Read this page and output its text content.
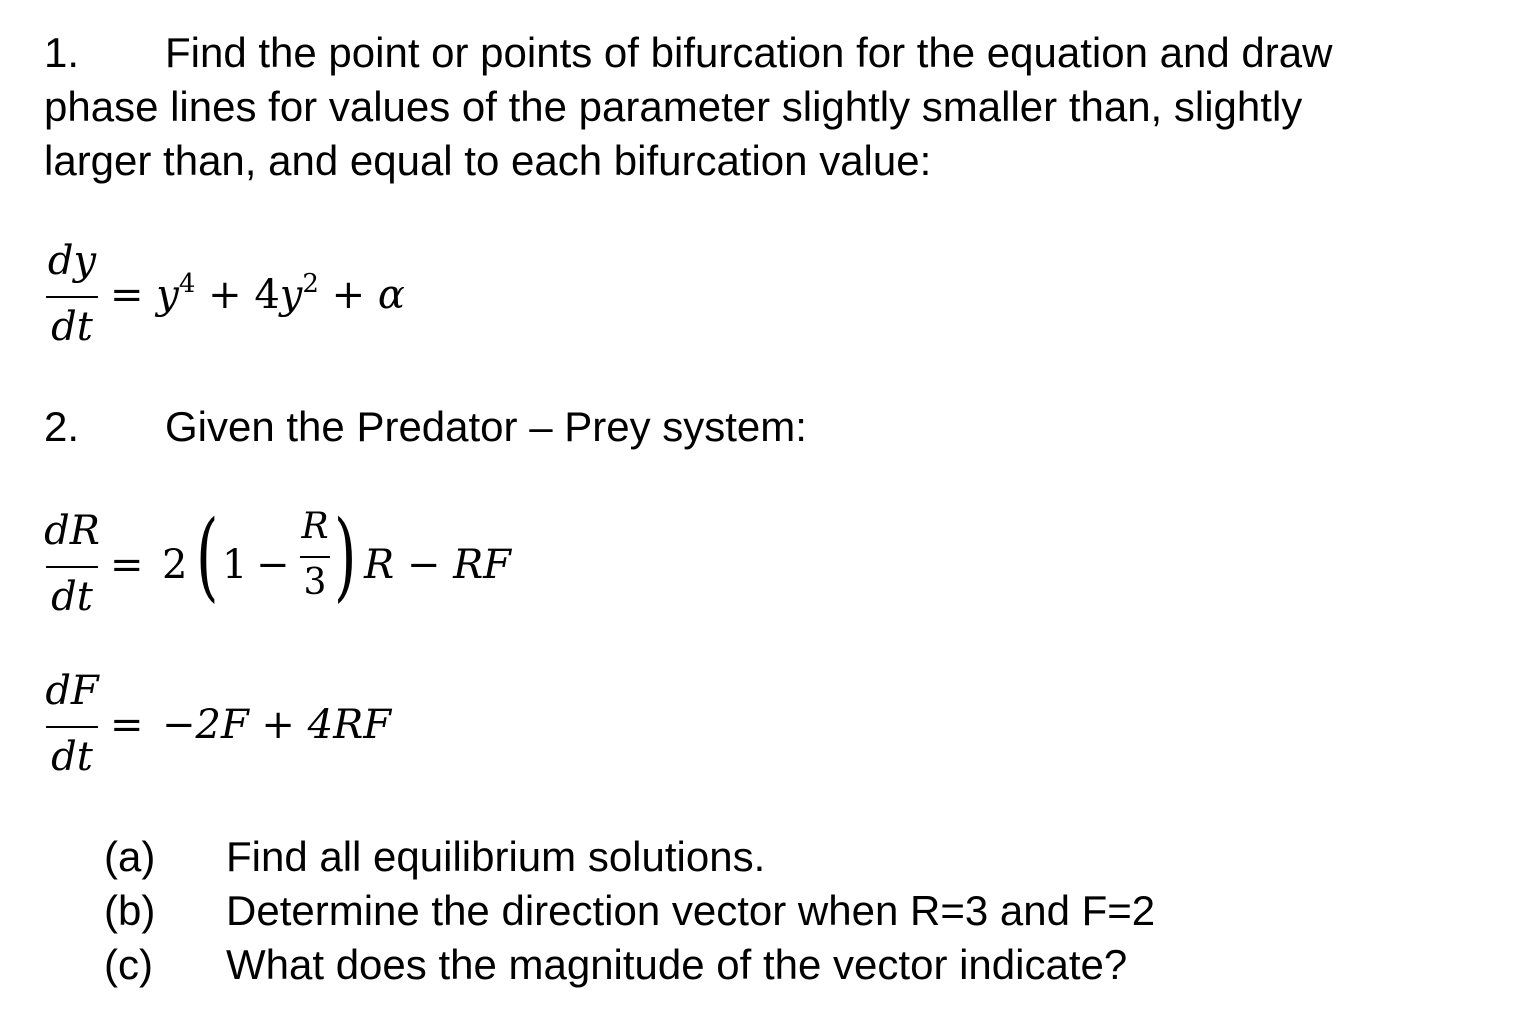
1. Find the point or points of bifurcation for the equation and draw
phase lines for values of the parameter slightly smaller than, slightly
larger than, and equal to each bifurcation value:
dy
dt
= $y^4 + 4y^2 + \alpha$
2. Given the Predator – Prey system:
dR
dt
= 2 ( 1 −
R
3 ) R − RF
dF
dt
= −2F + 4RF
(a) Find all equilibrium solutions.
(b) Determine the direction vector when R=3 and F=2
(c) What does the magnitude of the vector indicate?
